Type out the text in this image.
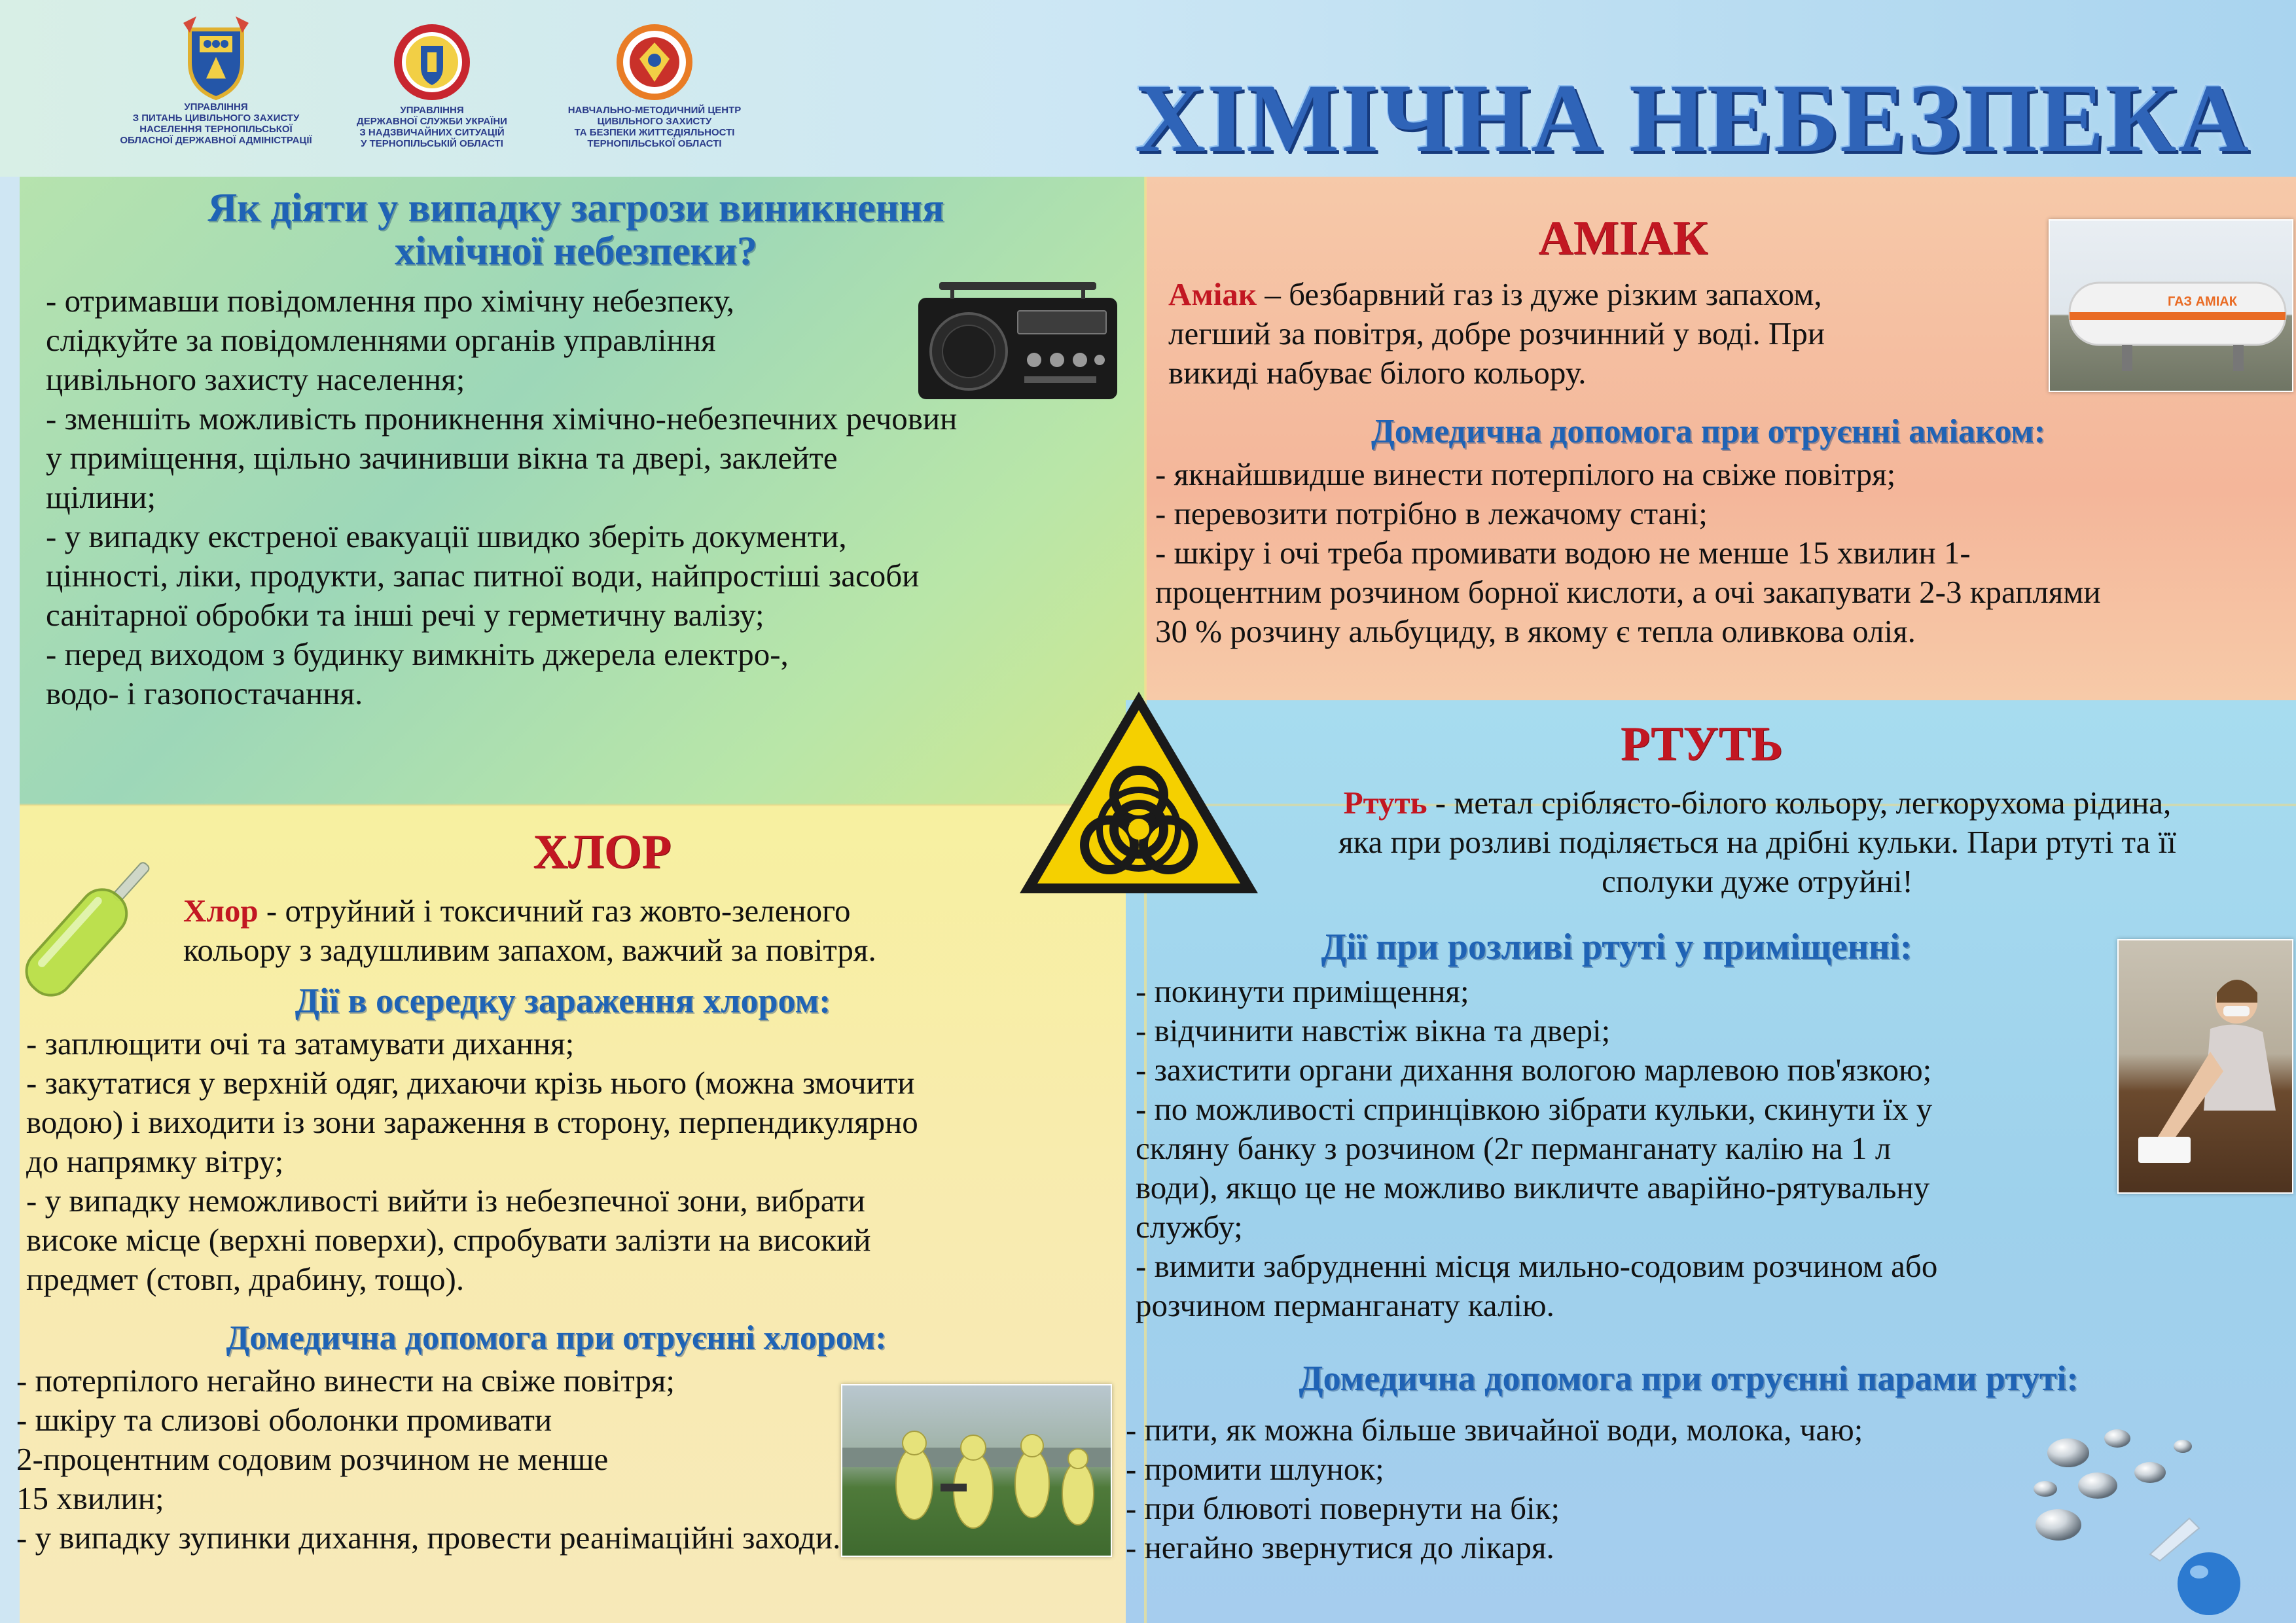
УПРАВЛІННЯ
З ПИТАНЬ ЦИВІЛЬНОГО ЗАХИСТУ
НАСЕЛЕННЯ ТЕРНОПІЛЬСЬКОЇ
ОБЛАСНОЇ ДЕРЖАВНОЇ АДМІНІСТРАЦІЇ
УПРАВЛІННЯ
ДЕРЖАВНОЇ СЛУЖБИ УКРАЇНИ
З НАДЗВИЧАЙНИХ СИТУАЦІЙ
У ТЕРНОПІЛЬСЬКІЙ ОБЛАСТІ
НАВЧАЛЬНО-МЕТОДИЧНИЙ ЦЕНТР
ЦИВІЛЬНОГО ЗАХИСТУ
ТА БЕЗПЕКИ ЖИТТЄДІЯЛЬНОСТІ
ТЕРНОПІЛЬСЬКОЇ ОБЛАСТІ	ХІМІЧНА НЕБЕЗПЕКА
Як діяти у випадку загрози виникнення
хімічної небезпеки?
- отримавши повідомлення про хімічну небезпеку,
слідкуйте за повідомленнями органів управління
цивільного захисту населення;
- зменшіть можливість проникнення хімічно-небезпечних речовин
у приміщення, щільно зачинивши вікна та двері, заклейте
щілини;
- у випадку екстреної евакуації швидко зберіть документи,
цінності, ліки, продукти, запас питної води, найпростіші засоби
санітарної обробки та інші речі у герметичну валізу;
- перед виходом з будинку вимкніть джерела електро-,
водо- і газопостачання.
АМІАК
Аміак – безбарвний газ із дуже різким запахом,
легший за повітря, добре розчинний у воді. При
викиді набуває білого кольору.
ГАЗ АМІАК
Домедична допомога при отруєнні аміаком:
- якнайшвидше винести потерпілого на свіже повітря;
- перевозити потрібно в лежачому стані;
- шкіру і очі треба промивати водою не менше 15 хвилин 1-
процентним розчином борної кислоти, а очі закапувати 2-3 краплями
30 % розчину альбуциду, в якому є тепла оливкова олія.
ХЛОР
Хлор - отруйний і токсичний газ жовто-зеленого
кольору з задушливим запахом, важчий за повітря.
Дії в осередку зараження хлором:
- заплющити очі та затамувати дихання;
- закутатися у верхній одяг, дихаючи крізь нього (можна змочити
водою) і виходити із зони зараження в сторону, перпендикулярно
до напрямку вітру;
- у випадку неможливості вийти із небезпечної зони, вибрати
високе місце (верхні поверхи), спробувати залізти на високий
предмет (стовп, драбину, тощо).
Домедична допомога при отруєнні хлором:
- потерпілого негайно винести на свіже повітря;
- шкіру та слизові оболонки промивати
2-процентним содовим розчином не менше
15 хвилин;
- у випадку зупинки дихання, провести реанімаційні заходи.
РТУТЬ
Ртуть - метал сріблясто-білого кольору, легкорухома рідина,
яка при розливі поділяється на дрібні кульки. Пари ртуті та її
сполуки дуже отруйні!
Дії при розливі ртуті у приміщенні:
- покинути приміщення;
- відчинити навстіж вікна та двері;
- захистити органи дихання вологою марлевою пов'язкою;
- по можливості спринцівкою зібрати кульки, скинути їх у
скляну банку з розчином (2г перманганату калію на 1 л
води), якщо це не можливо викличте аварійно-рятувальну
службу;
- вимити забрудненні місця мильно-содовим розчином або
розчином перманганату калію.
Домедична допомога при отруєнні парами ртуті:
- пити, як можна більше звичайної води, молока, чаю;
- промити шлунок;
- при блювоті повернути на бік;
- негайно звернутися до лікаря.
